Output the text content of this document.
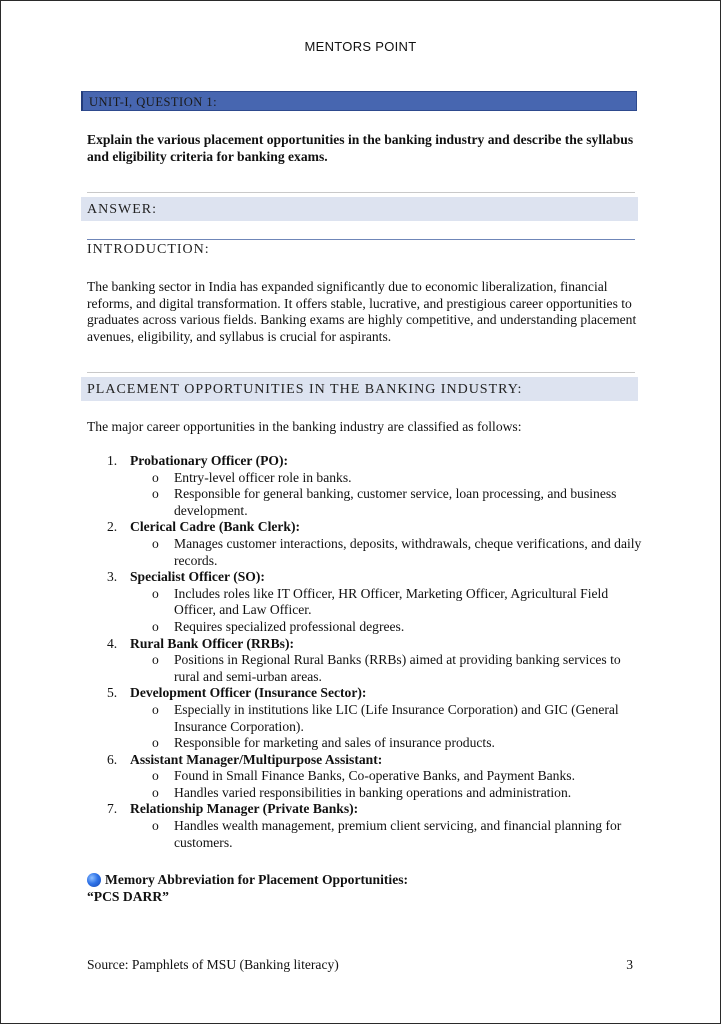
MENTORS POINT
UNIT-I, QUESTION 1:
Explain the various placement opportunities in the banking industry and describe the syllabus and eligibility criteria for banking exams.
ANSWER:
INTRODUCTION:
The banking sector in India has expanded significantly due to economic liberalization, financial reforms, and digital transformation. It offers stable, lucrative, and prestigious career opportunities to graduates across various fields. Banking exams are highly competitive, and understanding placement avenues, eligibility, and syllabus is crucial for aspirants.
PLACEMENT OPPORTUNITIES IN THE BANKING INDUSTRY:
The major career opportunities in the banking industry are classified as follows:
1. Probationary Officer (PO):
o Entry-level officer role in banks.
o Responsible for general banking, customer service, loan processing, and business development.
2. Clerical Cadre (Bank Clerk):
o Manages customer interactions, deposits, withdrawals, cheque verifications, and daily records.
3. Specialist Officer (SO):
o Includes roles like IT Officer, HR Officer, Marketing Officer, Agricultural Field Officer, and Law Officer.
o Requires specialized professional degrees.
4. Rural Bank Officer (RRBs):
o Positions in Regional Rural Banks (RRBs) aimed at providing banking services to rural and semi-urban areas.
5. Development Officer (Insurance Sector):
o Especially in institutions like LIC (Life Insurance Corporation) and GIC (General Insurance Corporation).
o Responsible for marketing and sales of insurance products.
6. Assistant Manager/Multipurpose Assistant:
o Found in Small Finance Banks, Co-operative Banks, and Payment Banks.
o Handles varied responsibilities in banking operations and administration.
7. Relationship Manager (Private Banks):
o Handles wealth management, premium client servicing, and financial planning for customers.
Memory Abbreviation for Placement Opportunities:
“PCS DARR”
Source: Pamphlets of MSU (Banking literacy)	3
